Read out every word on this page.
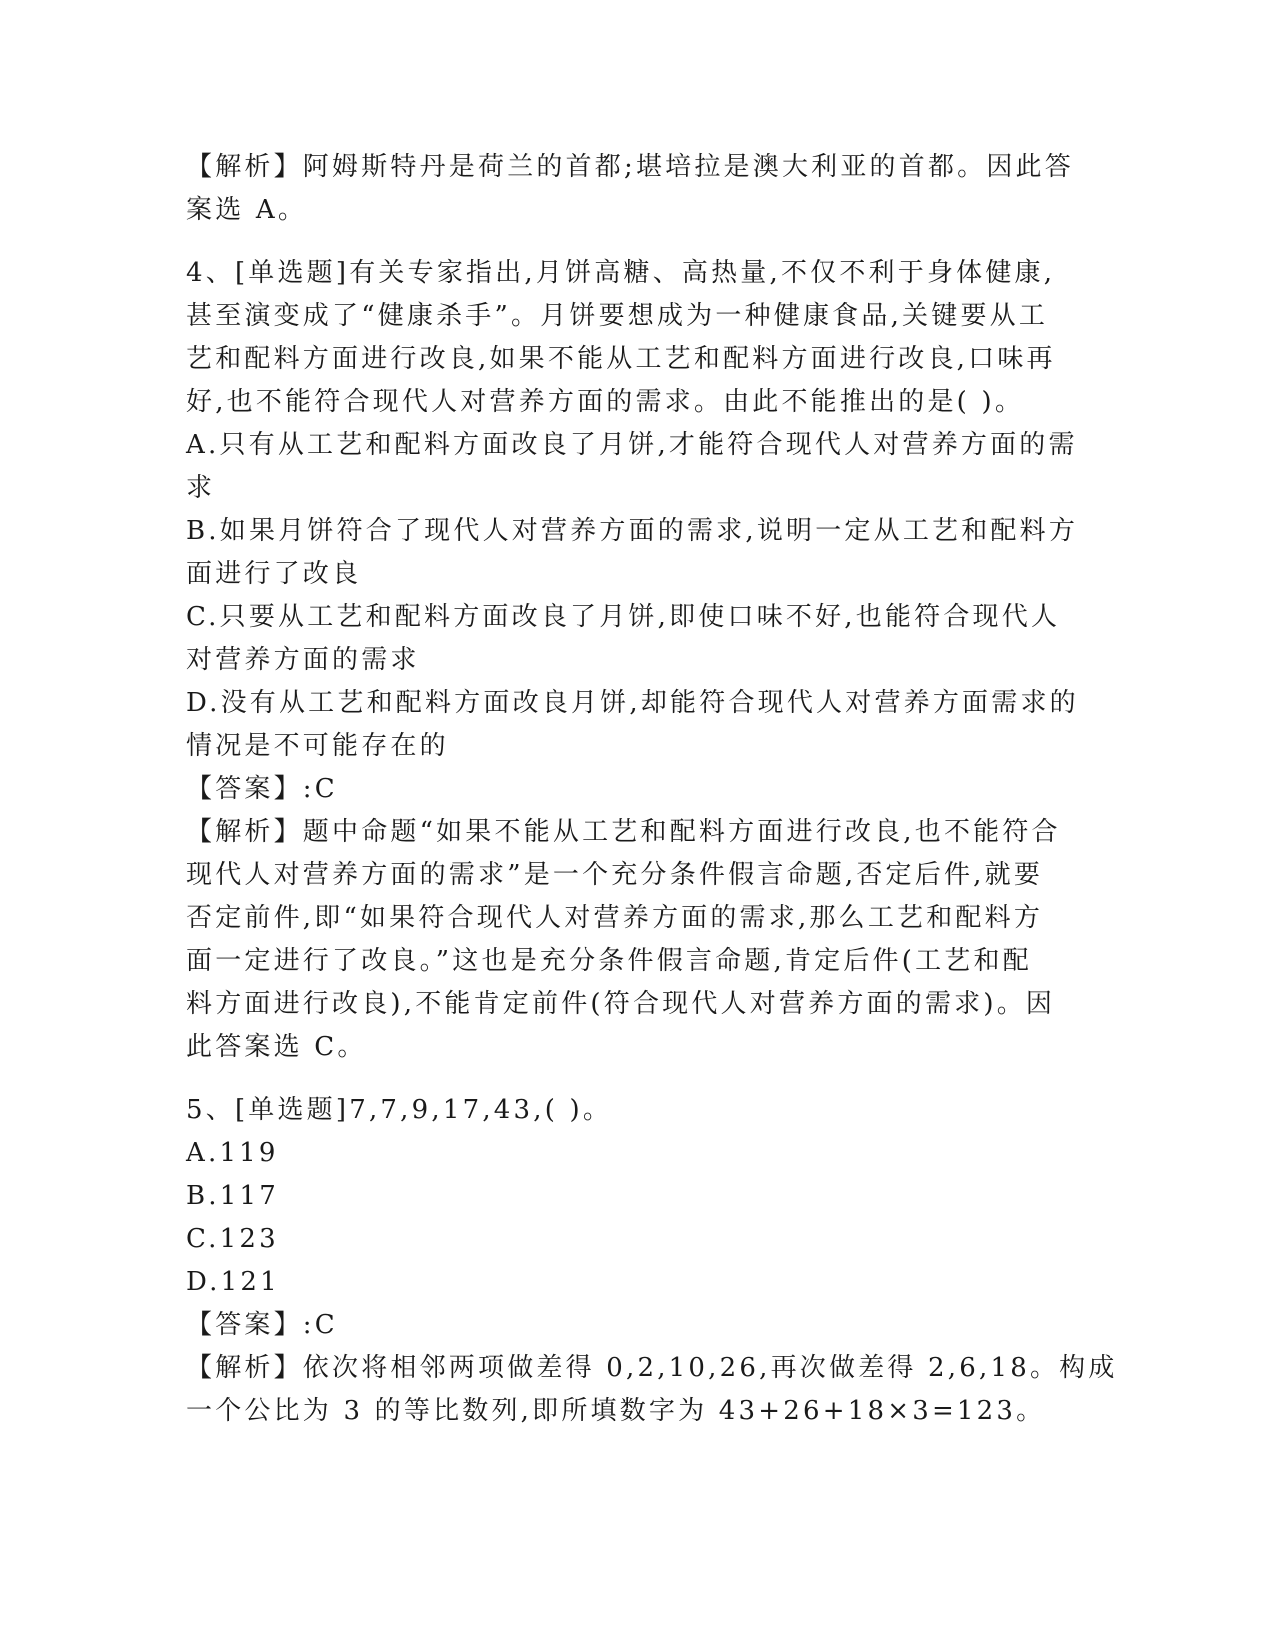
【解析】阿姆斯特丹是荷兰的首都;堪培拉是澳大利亚的首都。因此答
案选 A。
4、[单选题]有关专家指出,月饼高糖、高热量,不仅不利于身体健康,
甚至演变成了“健康杀手”。月饼要想成为一种健康食品,关键要从工
艺和配料方面进行改良,如果不能从工艺和配料方面进行改良,口味再
好,也不能符合现代人对营养方面的需求。由此不能推出的是( )。
A.只有从工艺和配料方面改良了月饼,才能符合现代人对营养方面的需
求
B.如果月饼符合了现代人对营养方面的需求,说明一定从工艺和配料方
面进行了改良
C.只要从工艺和配料方面改良了月饼,即使口味不好,也能符合现代人
对营养方面的需求
D.没有从工艺和配料方面改良月饼,却能符合现代人对营养方面需求的
情况是不可能存在的
【答案】:C
【解析】题中命题“如果不能从工艺和配料方面进行改良,也不能符合
现代人对营养方面的需求”是一个充分条件假言命题,否定后件,就要
否定前件,即“如果符合现代人对营养方面的需求,那么工艺和配料方
面一定进行了改良。”这也是充分条件假言命题,肯定后件(工艺和配
料方面进行改良),不能肯定前件(符合现代人对营养方面的需求)。因
此答案选 C。
5、[单选题]7,7,9,17,43,( )。
A.119
B.117
C.123
D.121
【答案】:C
【解析】依次将相邻两项做差得 0,2,10,26,再次做差得 2,6,18。构成
一个公比为 3 的等比数列,即所填数字为 43+26+18×3=123。
